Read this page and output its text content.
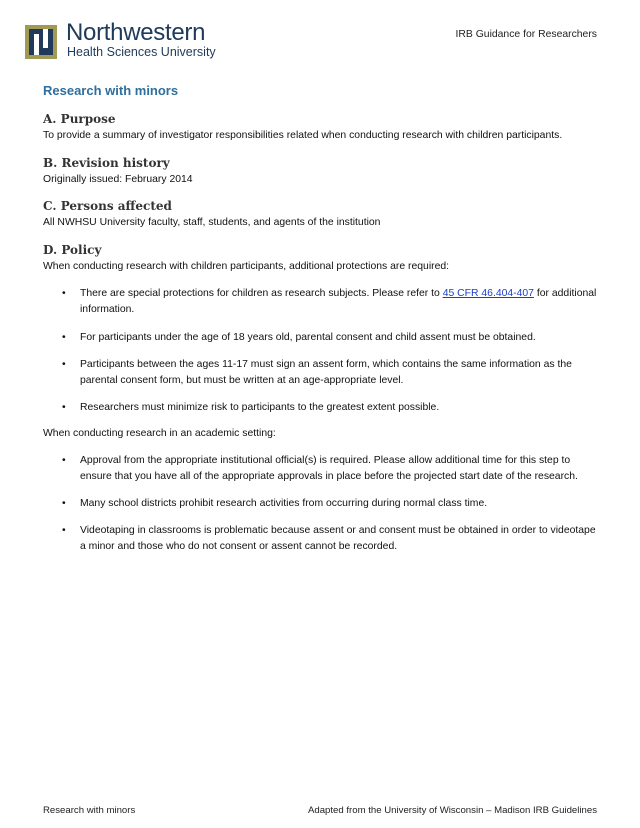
Northwestern
Health Sciences University
IRB Guidance for Researchers
Research with minors
A. Purpose

To provide a summary of investigator responsibilities related when conducting research with children participants.

B. Revision history

Originally issued: February 2014

C. Persons affected

All NWHSU University faculty, staff, students, and agents of the institution

D. Policy

When conducting research with children participants, additional protections are required:

• There are special protections for children as research subjects. Please refer to 45 CFR 46.404-407 for additional information.
• For participants under the age of 18 years old, parental consent and child assent must be obtained.
• Participants between the ages 11-17 must sign an assent form, which contains the same information as the parental consent form, but must be written at an age-appropriate level.
• Researchers must minimize risk to participants to the greatest extent possible.

When conducting research in an academic setting:

• Approval from the appropriate institutional official(s) is required. Please allow additional time for this step to ensure that you have all of the appropriate approvals in place before the projected start date of the research.
• Many school districts prohibit research activities from occurring during normal class time.
• Videotaping in classrooms is problematic because assent or and consent must be obtained in order to videotape a minor and those who do not consent or assent cannot be recorded.
Research with minors	Adapted from the University of Wisconsin – Madison IRB Guidelines
